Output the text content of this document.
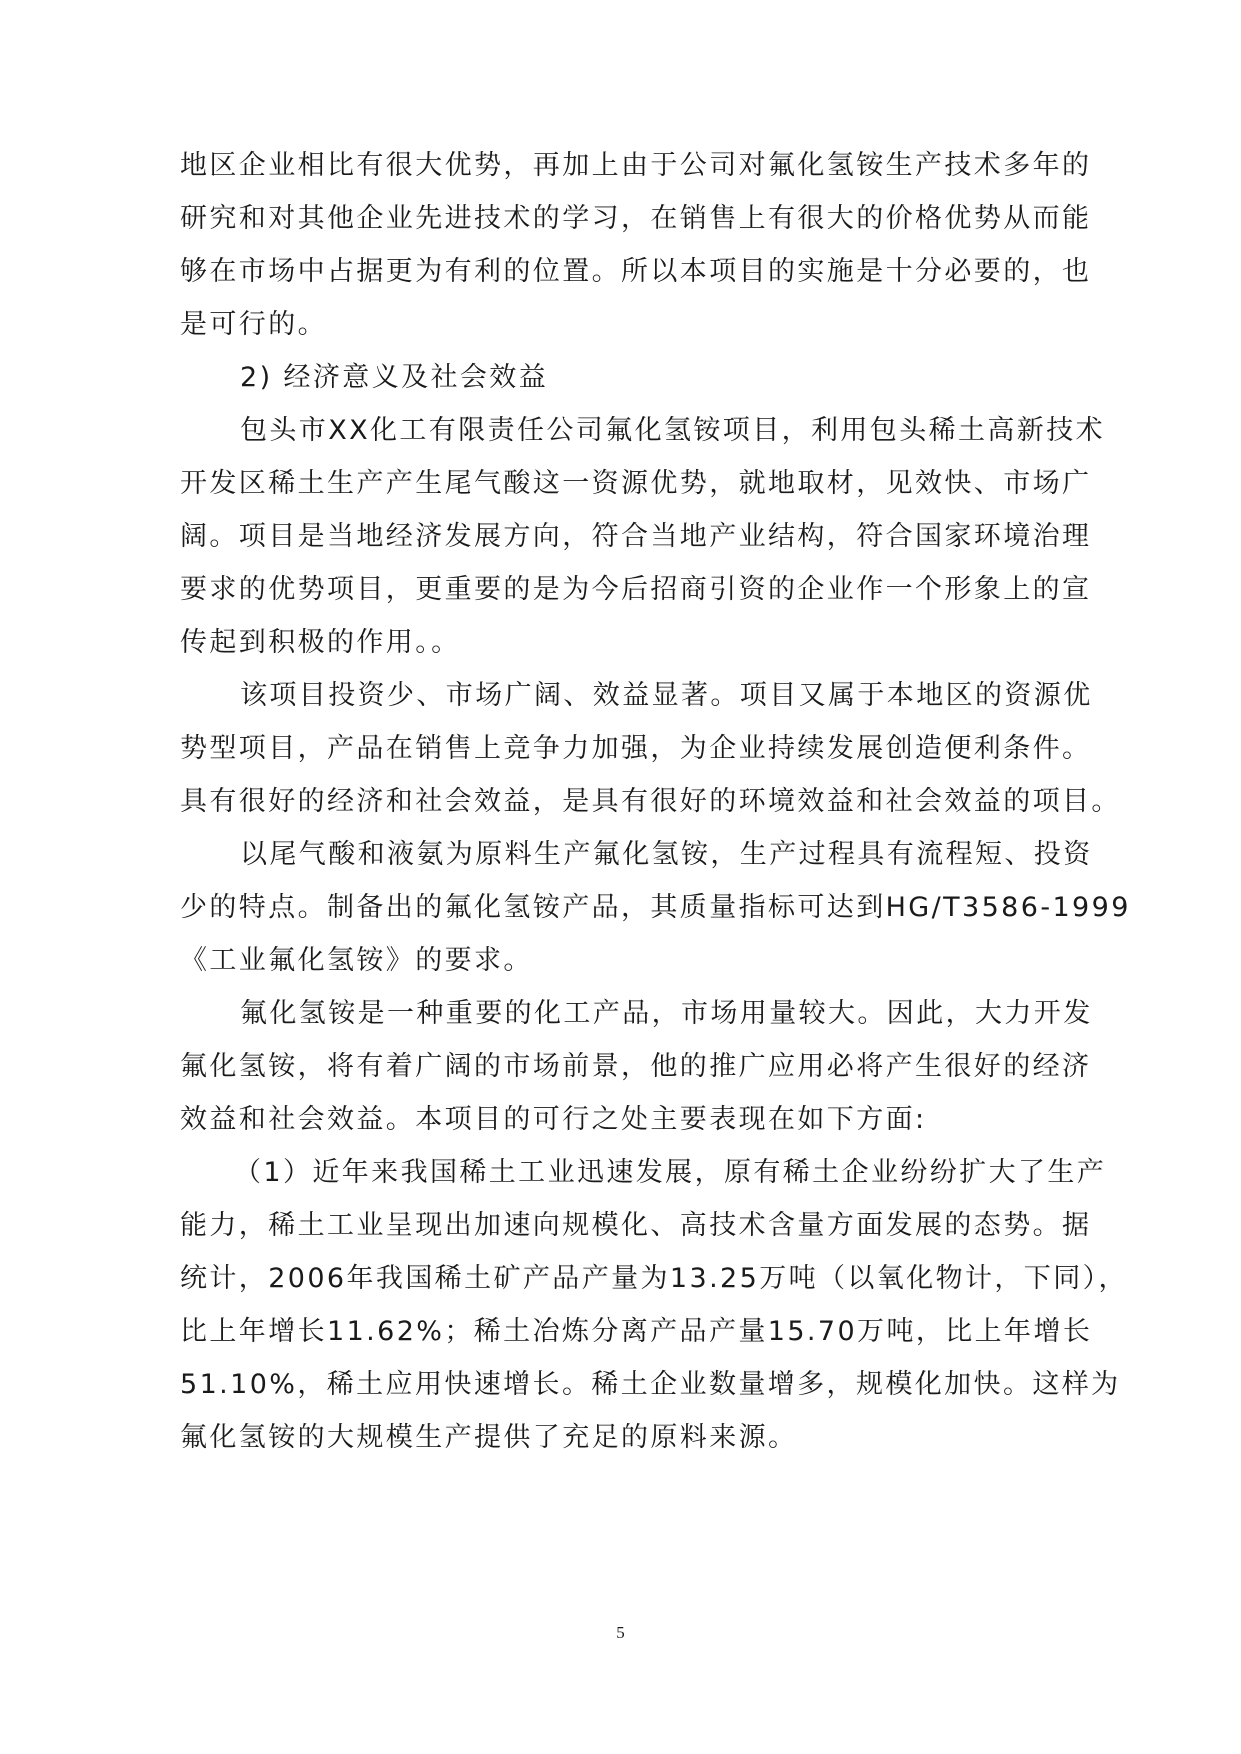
地区企业相比有很大优势，再加上由于公司对氟化氢铵生产技术多年的
研究和对其他企业先进技术的学习，在销售上有很大的价格优势从而能
够在市场中占据更为有利的位置。所以本项目的实施是十分必要的，也
是可行的。
2) 经济意义及社会效益
包头市XX化工有限责任公司氟化氢铵项目，利用包头稀土高新技术
开发区稀土生产产生尾气酸这一资源优势，就地取材，见效快、市场广
阔。项目是当地经济发展方向，符合当地产业结构，符合国家环境治理
要求的优势项目，更重要的是为今后招商引资的企业作一个形象上的宣
传起到积极的作用。。
该项目投资少、市场广阔、效益显著。项目又属于本地区的资源优
势型项目，产品在销售上竞争力加强，为企业持续发展创造便利条件。
具有很好的经济和社会效益，是具有很好的环境效益和社会效益的项目。
以尾气酸和液氨为原料生产氟化氢铵，生产过程具有流程短、投资
少的特点。制备出的氟化氢铵产品，其质量指标可达到HG/T3586-1999
《工业氟化氢铵》的要求。
氟化氢铵是一种重要的化工产品，市场用量较大。因此，大力开发
氟化氢铵，将有着广阔的市场前景，他的推广应用必将产生很好的经济
效益和社会效益。本项目的可行之处主要表现在如下方面:
（1）近年来我国稀土工业迅速发展，原有稀土企业纷纷扩大了生产
能力，稀土工业呈现出加速向规模化、高技术含量方面发展的态势。据
统计，2006年我国稀土矿产品产量为13.25万吨（以氧化物计，下同），
比上年增长11.62%；稀土冶炼分离产品产量15.70万吨，比上年增长
51.10%，稀土应用快速增长。稀土企业数量增多，规模化加快。这样为
氟化氢铵的大规模生产提供了充足的原料来源。
5
